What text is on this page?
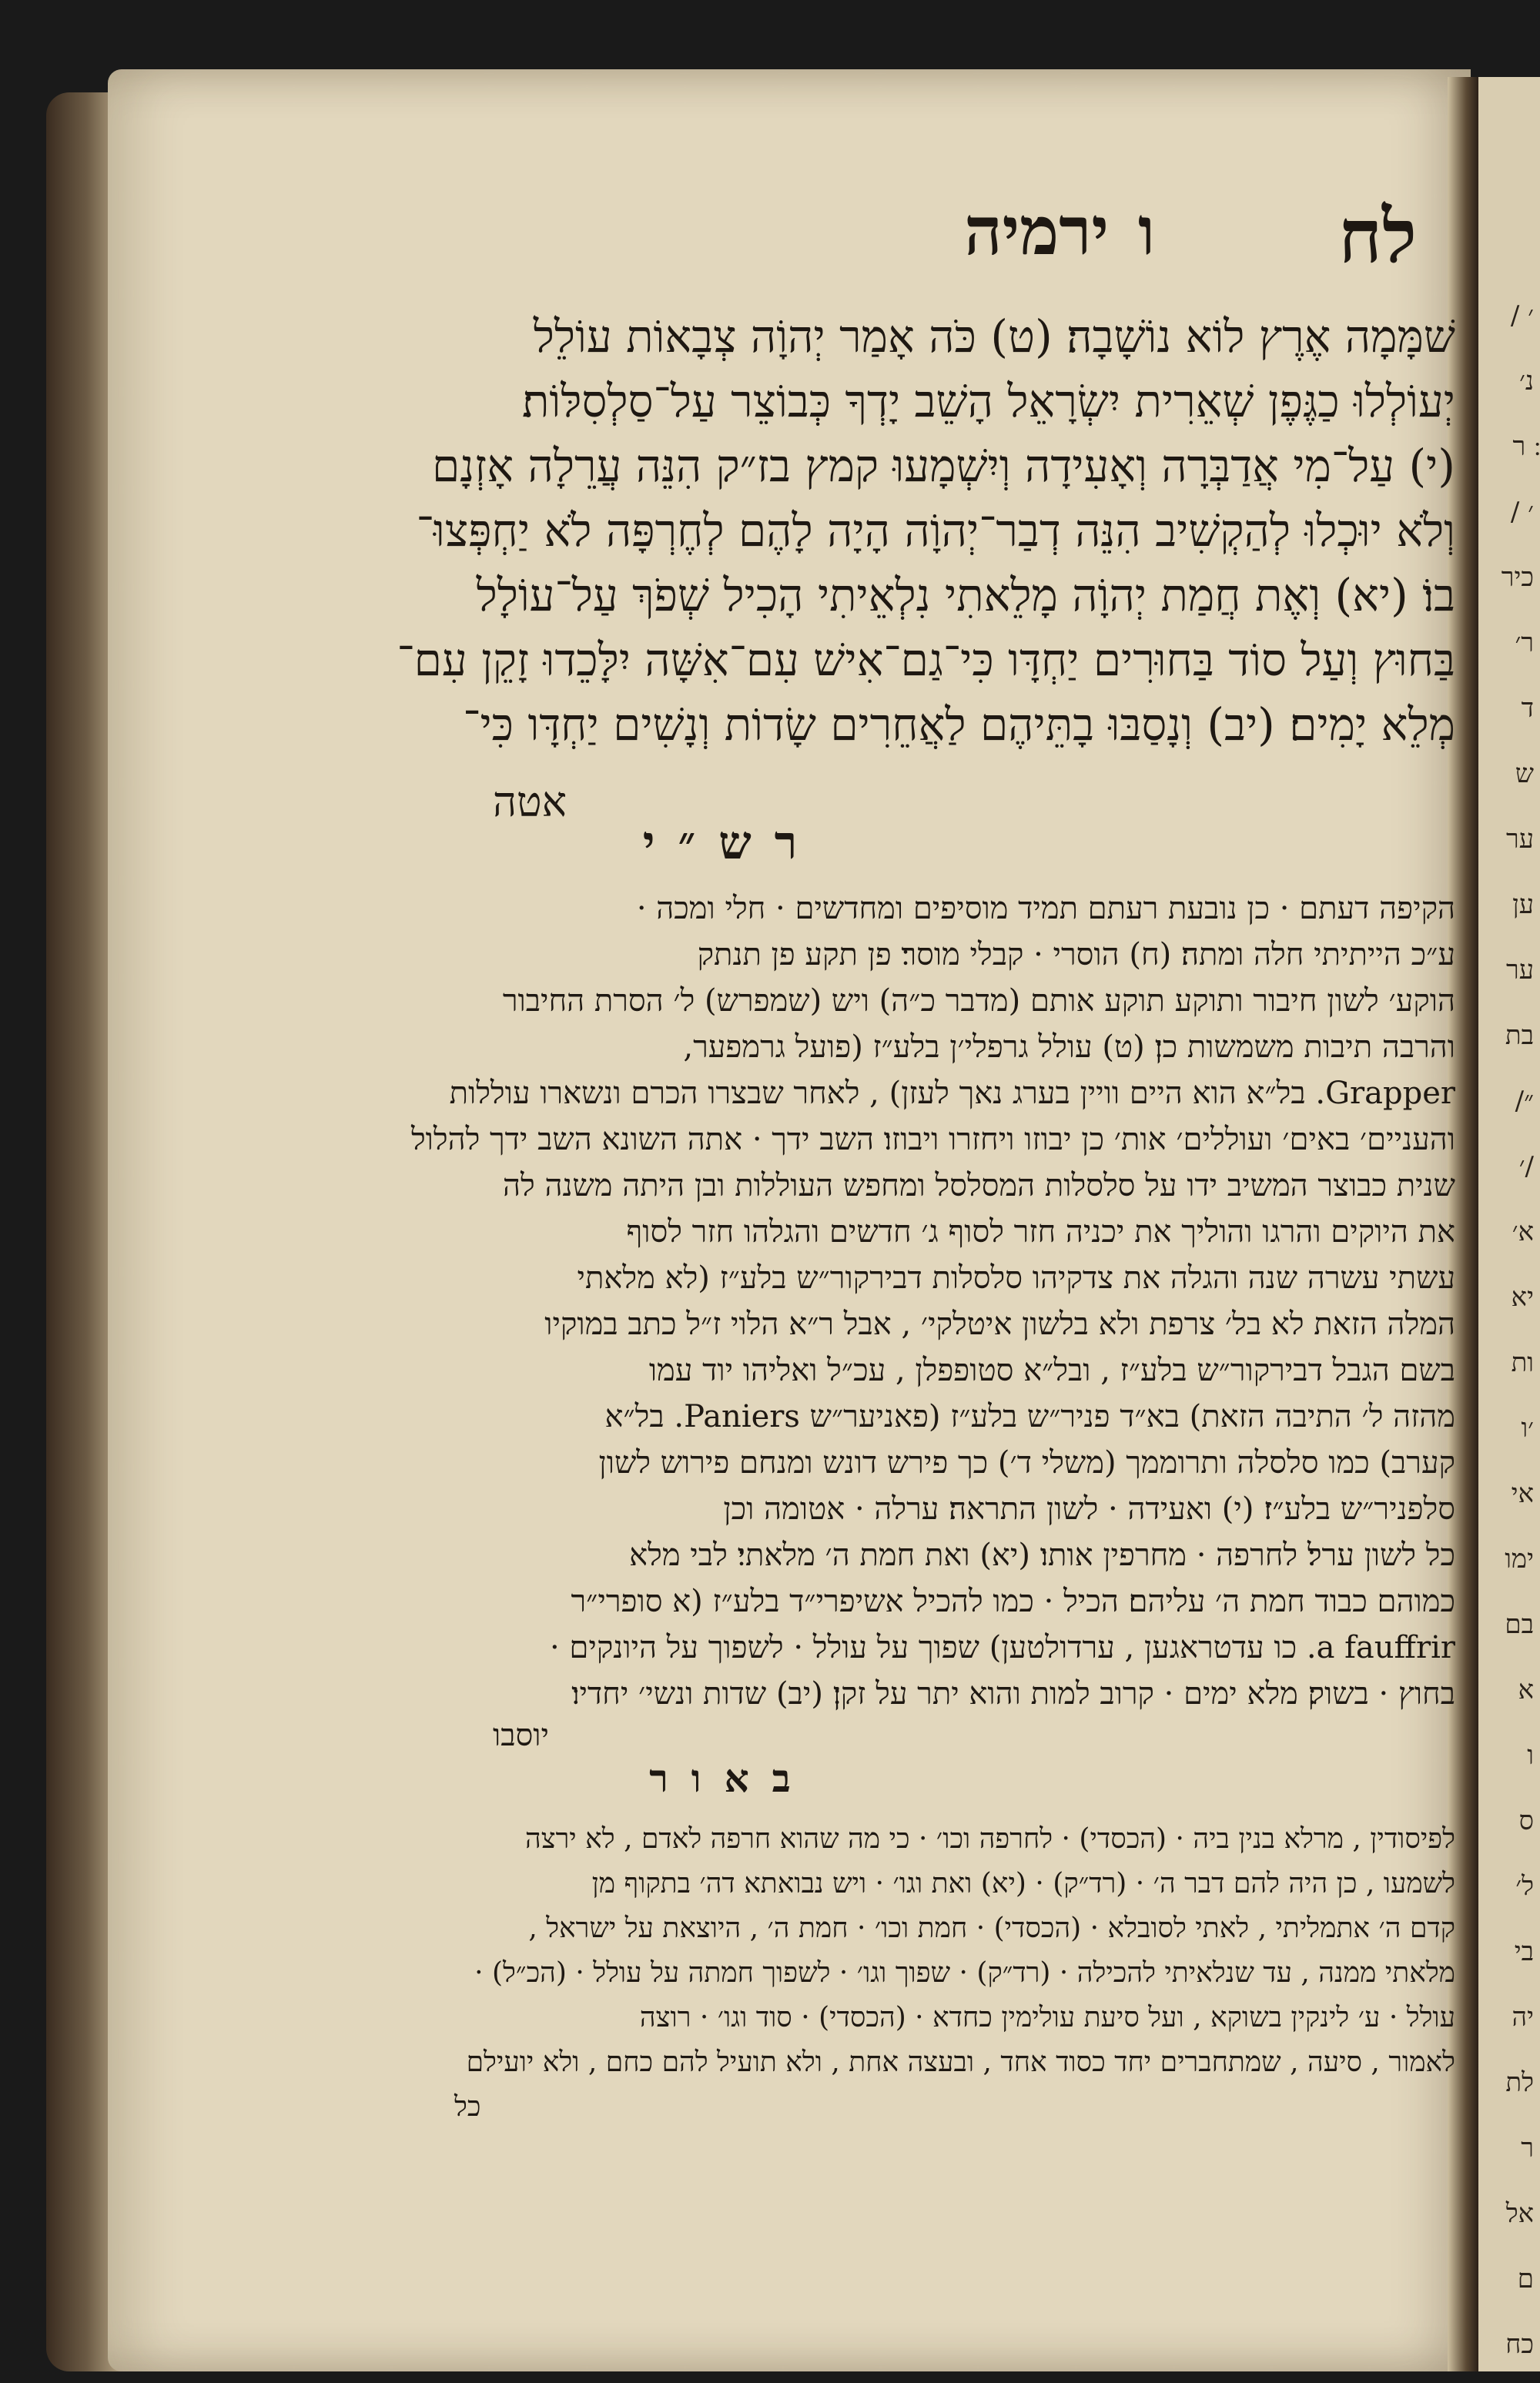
׳ /
נ׳
׃ ר
׳ /
כיר
ר׳
ד
ש
ער
ען
ער
בת
״/
/׳
א׳
יא
ות
׳ו
אי
ימו
בם
א
ו
ס
ל׳
בי
יה
לת
ר
אל
ם
כח
לח
ו
ירמיה
שׁמָּמָה אֶרֶץ לוֹא נוֹשָׁבָה׃ (ט) כֹּה אָמַר יְהוָֹה צְבָאוֹת עוֹלֵל
יְעוֹלְלוּ כַגֶּפֶן שְׁאֵרִית יִשְׂרָאֵל הָשֵׁב יָדְךָ כְּבוֹצֵר עַל־סַלְסִלּוֹת׃
(י) עַל־מִי אֲדַבְּרָה וְאָעִידָה וְיִשְׁמָעוּ קמץ בז״ק הִנֵּה עֲרֵלָה אָזְנָם
וְלֹא יוּכְלוּ לְהַקְשִׁיב הִנֵּה דְבַר־יְהוָֹה הָיָה לָהֶם לְחֶרְפָּה לֹא יַחְפְּצוּ־
בוֹ׃ (יא) וְאֶת חֲמַת יְהוָֹה מָלֵאתִי נִלְאֵיתִי הָכִיל שְׁפֹךְ עַל־עוֹלָל
בַּחוּץ וְעַל סוֹד בַּחוּרִים יַחְדָּו כִּי־גַם־אִישׁ עִם־אִשָּׁה יִלָּכֵדוּ זָקֵן עִם־
מְלֵא יָמִים׃ (יב) וְנָסַבּוּ בָתֵּיהֶם לַאֲחֵרִים שָׂדוֹת וְנָשִׁים יַחְדָּו כִּי־
אטה
רש״י
הקיפה דעתם · כן נובעת רעתם תמיד מוסיפים ומחדשים · חלי ומכה ·
ע״כ הייתיתי חלה ומתה׃ (ח) הוסרי · קבלי מוסר׃ פן תקע פן תנתק
הוקע׳ לשון חיבור ותוקע תוקע אותם (מדבר כ״ה) ויש (שמפרש) ל׳ הסרת החיבור
והרבה תיבות משמשות כן׃ (ט) עולל גרפלי׳ן בלע״ז (פועל גרמפער,
Grapper. בל״א הוא היים וויין בערג נאך לעזן) , לאחר שבצרו הכרם ונשארו עוללות
והעניים׳ באים׳ ועוללים׳ אות׳ כן יבוזו ויחזרו ויבוזו׃ השב ידך · אתה השונא השב ידך להלול
שנית כבוצר המשיב ידו על סלסלות המסלסל ומחפש העוללות ובן היתה משנה לה
את היוקים והרגו והוליך את יכניה חזר לסוף ג׳ חדשים והגלהו חזר לסוף
עשתי עשרה שנה והגלה את צדקיהו סלסלות דבירקור״ש בלע״ז (לא מלאתי
המלה הזאת לא בל׳ צרפת ולא בלשון איטלקי׳ , אבל ר״א הלוי ז״ל כתב במוקיו
בשם הגבל דבירקור״ש בלע״ז , ובל״א סטופפלן , עכ״ל ואליהו יוד עמו
מהזה ל׳ התיבה הזאת) בא״ד פניר״ש בלע״ז (פאניער״ש Paniers. בל״א
קערב) כמו סלסלה ותרוממך (משלי ד׳) כך פירש דונש ומנחם פירוש לשון
סלפניר״ש בלע״ז׃ (י) ואעידה · לשון התראה׃ ערלה · אטומה וכן
כל לשון ערל׃ לחרפה · מחרפין אותו׃ (יא) ואת חמת ה׳ מלאתי׃ לבי מלא
כמוהם כבוד חמת ה׳ עליהם׃ הכיל · כמו להכיל אשיפרי״ד בלע״ז (א סופרי״ר
a fauffrir. כו עדטראגען , ערדולטען) שפוך על עולל · לשפוך על היונקים ·
בחוץ · בשוק׃ מלא ימים · קרוב למות והוא יתר על זקן׃ (יב) שדות ונשי׳ יחדיו׃
יוסבו
באור
לפיסודין , מרלא בנין ביה · (הכסדי) · לחרפה וכו׳ · כי מה שהוא חרפה לאדם , לא ירצה
לשמעו , כן היה להם דבר ה׳ · (רד״ק) · (יא) ואת וגו׳ · ויש נבואתא דה׳ בתקוף מן
קדם ה׳ אתמליתי , לאתי לסובלא · (הכסדי) · חמת וכו׳ · חמת ה׳ , היוצאת על ישראל ,
מלאתי ממנה , עד שנלאיתי להכילה · (רד״ק) · שפוך וגו׳ · לשפוך חמתה על עולל · (הכ״ל) ·
עולל · ע׳ לינקין בשוקא , ועל סיעת עולימין כחדא · (הכסדי) · סוד וגו׳ · רוצה
לאמור , סיעה , שמתחברים יחד כסוד אחד , ובעצה אחת , ולא תועיל להם כחם , ולא יועילם
כל
